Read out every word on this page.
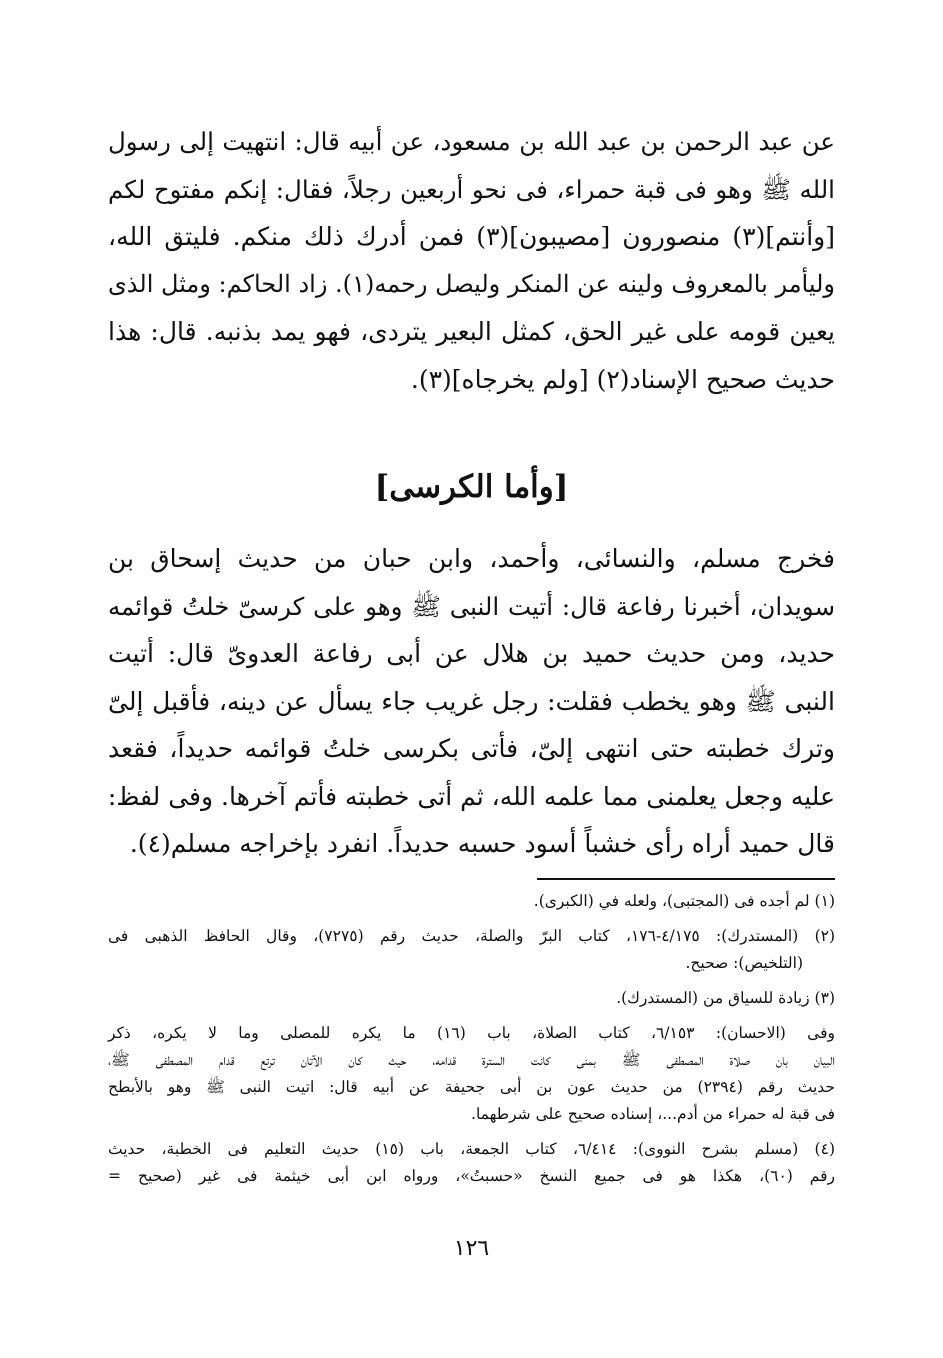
عن عبد الرحمن بن عبد الله بن مسعود، عن أبيه قال: انتهيت إلى رسول
الله ﷺ وهو فى قبة حمراء، فى نحو أربعين رجلاً، فقال: إنكم مفتوح لكم
[وأنتم](٣) منصورون [مصيبون](٣) فمن أدرك ذلك منكم. فليتق الله،
وليأمر بالمعروف ولينه عن المنكر وليصل رحمه(١). زاد الحاكم: ومثل الذى
يعين قومه على غير الحق، كمثل البعير يتردى، فهو يمد بذنبه. قال: هذا
حديث صحيح الإسناد(٢) [ولم يخرجاه](٣).

[وأما الكرسى]

فخرج مسلم، والنسائى، وأحمد، وابن حبان من حديث إسحاق بن
سويدان، أخبرنا رفاعة قال: أتيت النبى ﷺ وهو على كرسىّ خلتُ قوائمه
حديد، ومن حديث حميد بن هلال عن أبى رفاعة العدوىّ قال: أتيت
النبى ﷺ وهو يخطب فقلت: رجل غريب جاء يسأل عن دينه، فأقبل إلىّ
وترك خطبته حتى انتهى إلىّ، فأتى بكرسى خلتُ قوائمه حديداً، فقعد
عليه وجعل يعلمنى مما علمه الله، ثم أتى خطبته فأتم آخرها. وفى لفظ:
قال حميد أراه رأى خشباً أسود حسبه حديداً. انفرد بإخراجه مسلم(٤).

(١) لم أجده فى (المجتبى)، ولعله في (الكبرى).
(٢) (المستدرك): ٤/١٧٥-١٧٦، كتاب البرّ والصلة، حديث رقم (٧٢٧٥)، وقال الحافظ الذهبى فى
(التلخيص): صحيح.
(٣) زيادة للسياق من (المستدرك).
وفى (الاحسان): ٦/١٥٣، كتاب الصلاة، باب (١٦) ما يكره للمصلى وما لا يكره، ذكر
البيان بان صلاة المصطفى ﷺ بمنى كانت السترة قدامه، حيث كان الآتان ترتع قدام المصطفى ﷺ،
حديث رقم (٢٣٩٤) من حديث عون بن أبى جحيفة عن أبيه قال: اتيت النبى ﷺ وهو بالأبطح
فى قبة له حمراء من أدم...، إسناده صحيح على شرطهما.
(٤) (مسلم بشرح النووى): ٦/٤١٤، كتاب الجمعة، باب (١٥) حديث التعليم فى الخطبة، حديث
رقم (٦٠)، هكذا هو فى جميع النسخ «حسبتُ»، ورواه ابن أبى خيثمة فى غير (صحيح =
١٢٦
